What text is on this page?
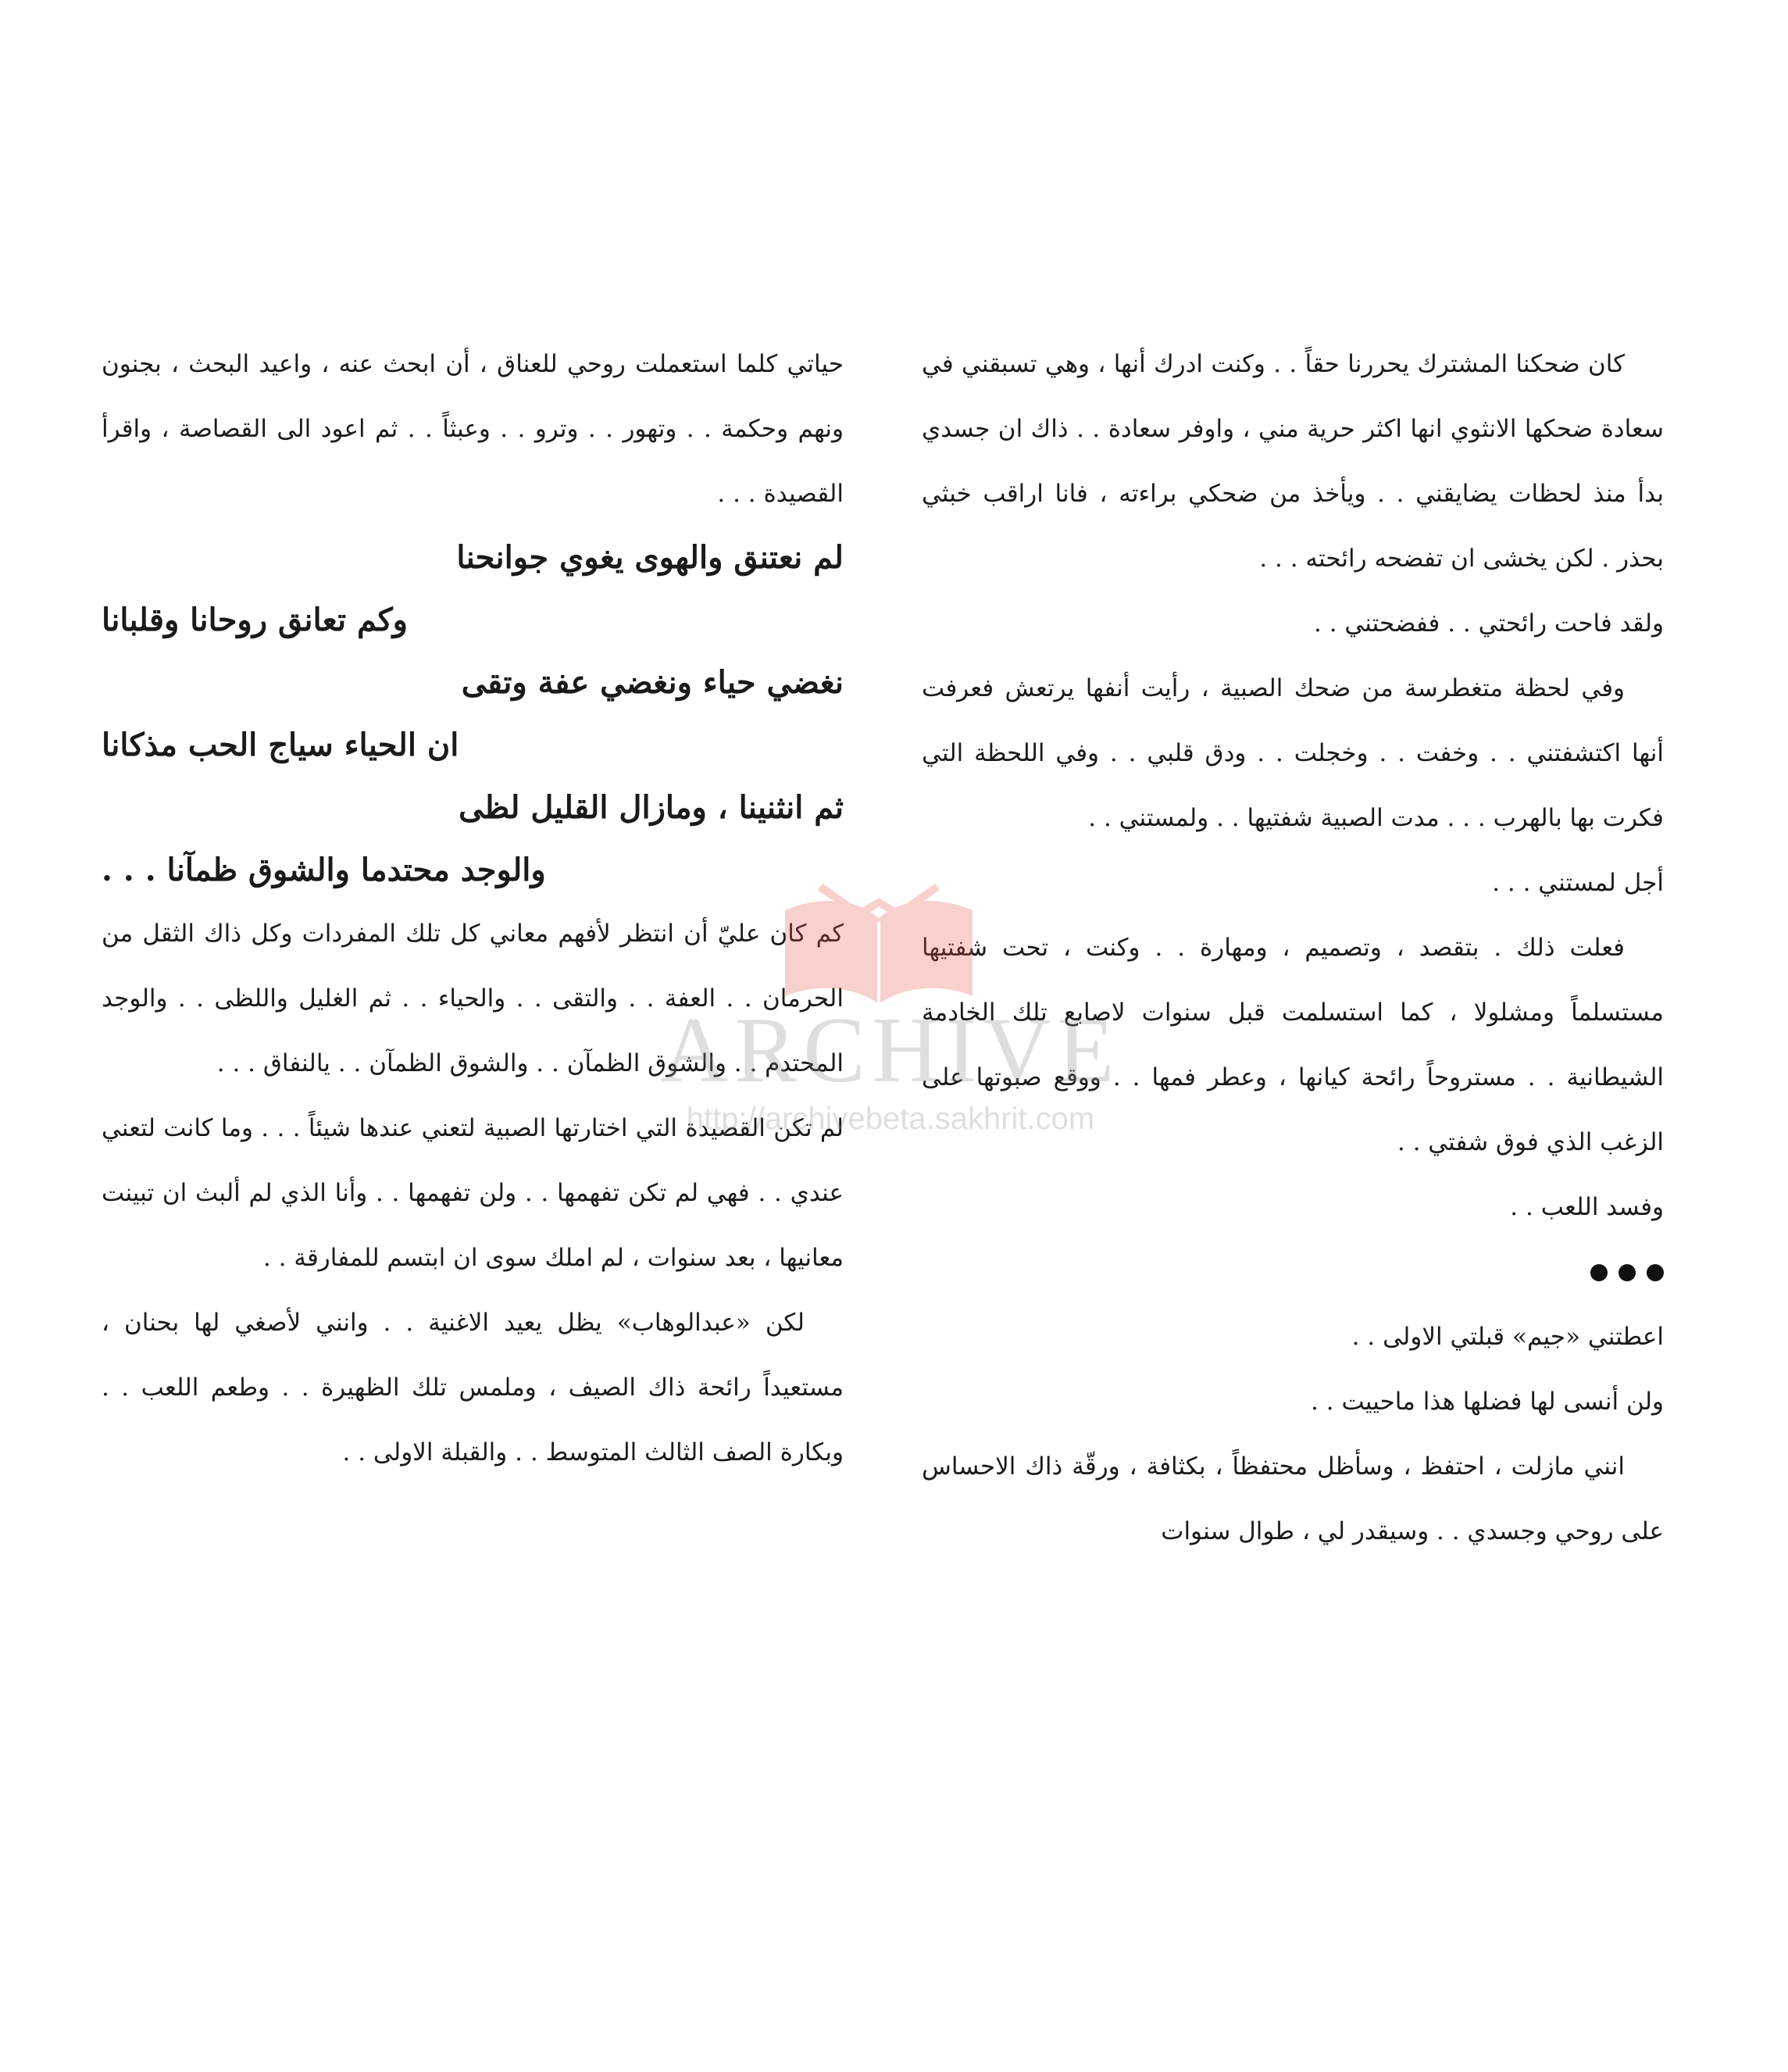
كان ضحكنا المشترك يحررنا حقاً . . وكنت ادرك أنها ، وهي تسبقني في سعادة ضحكها الانثوي انها اكثر حرية مني ، واوفر سعادة . . ذاك ان جسدي بدأ منذ لحظات يضايقني . . ويأخذ من ضحكي براءته ، فانا اراقب خبثي بحذر . لكن يخشى ان تفضحه رائحته . . .

ولقد فاحت رائحتي . . ففضحتني . .

وفي لحظة متغطرسة من ضحك الصبية ، رأيت أنفها يرتعش فعرفت أنها اكتشفتني . . وخفت . . وخجلت . . ودق قلبي . . وفي اللحظة التي فكرت بها بالهرب . . . مدت الصبية شفتيها . . ولمستني . .

أجل لمستني . . .

فعلت ذلك . بتقصد ، وتصميم ، ومهارة . . وكنت ، تحت شفتيها مستسلماً ومشلولا ، كما استسلمت قبل سنوات لاصابع تلك الخادمة الشيطانية . . مستروحاً رائحة كيانها ، وعطر فمها . . ووقع صبوتها على الزغب الذي فوق شفتي . .

وفسد اللعب . .

اعطتني «جيم» قبلتي الاولى . .

ولن أنسى لها فضلها هذا ماحييت . .

انني مازلت ، احتفظ ، وسأظل محتفظاً ، بكثافة ، ورقّة ذاك الاحساس على روحي وجسدي . . وسيقدر لي ، طوال سنوات

حياتي كلما استعملت روحي للعناق ، أن ابحث عنه ، واعيد البحث ، بجنون ونهم وحكمة . . وتهور . . وترو . . وعبثاً . . ثم اعود الى القصاصة ، واقرأ القصيدة . . .

لم نعتنق والهوى يغوي جوانحنا

وكم تعانق روحانا وقلبانا

نغضي حياء ونغضي عفة وتقى

ان الحياء سياج الحب مذكانا

ثم انثنينا ، ومازال القليل لظى

والوجد محتدما والشوق ظمآنا . . .

كم كان عليّ أن انتظر لأفهم معاني كل تلك المفردات وكل ذاك الثقل من الحرمان . . العفة . . والتقى . . والحياء . . ثم الغليل واللظى . . والوجد المحتدم . . والشوق الظمآن . . والشوق الظمآن . . يالنفاق . . .

لم تكن القصيدة التي اختارتها الصبية لتعني عندها شيئاً . . . وما كانت لتعني عندي . . فهي لم تكن تفهمها . . ولن تفهمها . . وأنا الذي لم ألبث ان تبينت معانيها ، بعد سنوات ، لم املك سوى ان ابتسم للمفارقة . .

لكن «عبدالوهاب» يظل يعيد الاغنية . . وانني لأصغي لها بحنان ، مستعيداً رائحة ذاك الصيف ، وملمس تلك الظهيرة . . وطعم اللعب . . وبكارة الصف الثالث المتوسط . . والقبلة الاولى . .

ARCHIVE
http://archivebeta.sakhrit.com
